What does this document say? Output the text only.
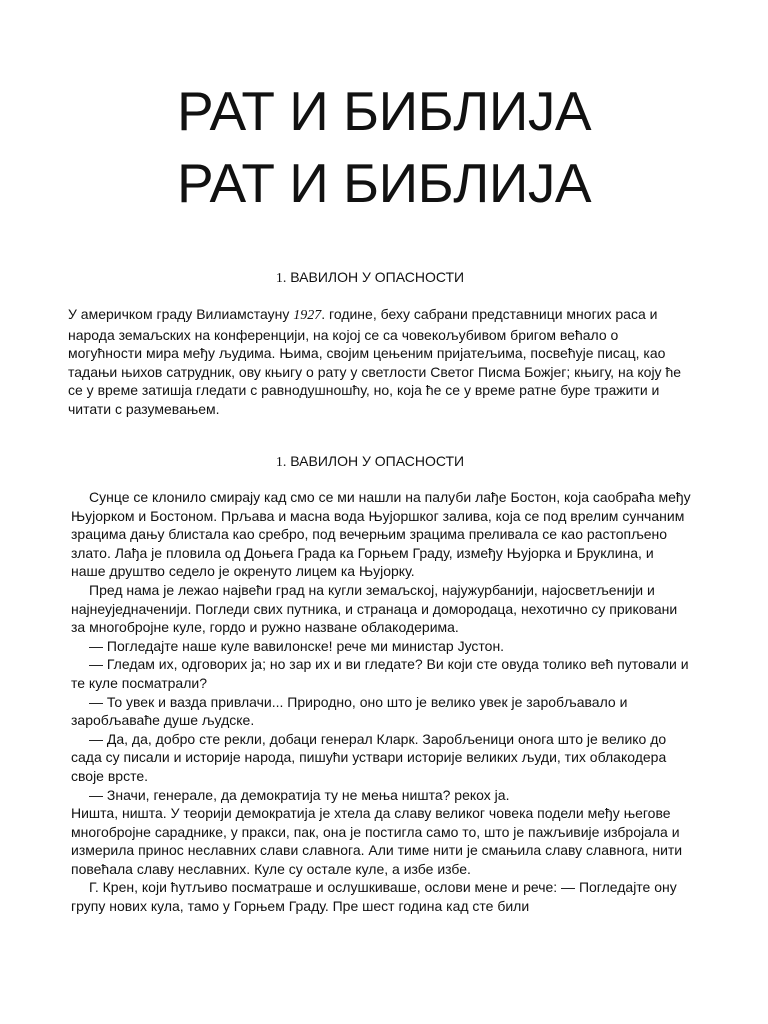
РАТ И БИБЛИЈА
РАТ И БИБЛИЈА
1. ВАВИЛОН У ОПАСНОСТИ

У америчком граду Вилиамстауну 1927. године, беху сабрани представници многих раса и народа земаљских на конференцији, на којој се са човекољубивом бригом већало о могућности мира међу људима. Њима, својим цењеним пријатељима, посвећује писац, као тадањи њихов сатрудник, ову књигу о рату у светлости Светог Писма Божјег; књигу, на коју ће се у време затишја гледати с равнодушношћу, но, која ће се у време ратне буре тражити и читати с разумевањем.

1. ВАВИЛОН У ОПАСНОСТИ

Сунце се клонило смирају кад смо се ми нашли на палуби лађе Бостон, која саобраћа међу Њујорком и Бостоном. Прљава и масна вода Њујоршког залива, која се под врелим сунчаним зрацима дању блистала као сребро, под вечерњим зрацима преливала се као растопљено злато. Лађа је пловила од Доњега Града ка Горњем Граду, између Њујорка и Бруклина, и наше друштво седело је окренуто лицем ка Њујорку.

Пред нама је лежао највећи град на кугли земаљској, најужурбанији, најосветљенији и најнеуједначенији. Погледи свих путника, и странаца и домородаца, нехотично су приковани за многобројне куле, гордо и ружно назване облакодерима.

— Погледајте наше куле вавилонске! рече ми министар Јустон.

— Гледам их, одговорих ја; но зар их и ви гледате? Ви који сте овуда толико већ путовали и те куле посматрали?

— То увек и вазда привлачи... Природно, оно што је велико увек је заробљавало и заробљаваће душе људске.

— Да, да, добро сте рекли, добаци генерал Кларк. Заробљеници онога што је велико до сада су писали и историје народа, пишући уствари историје великих људи, тих облакодера своје врсте.

— Значи, генерале, да демократија ту не мења ништа? рекох ја.

Ништа, ништа. У теорији демократија је хтела да славу великог човека подели међу његове многобројне сараднике, у пракси, пак, она је постигла само то, што је пажљивије избројала и измерила принос неславних слави славнога. Али тиме нити је смањила славу славнога, нити повећала славу неславних. Куле су остале куле, а избе избе.

Г. Крен, који ћутљиво посматраше и ослушкиваше, ослови мене и рече: — Погледајте ону групу нових кула, тамо у Горњем Граду. Пре шест година кад сте били
